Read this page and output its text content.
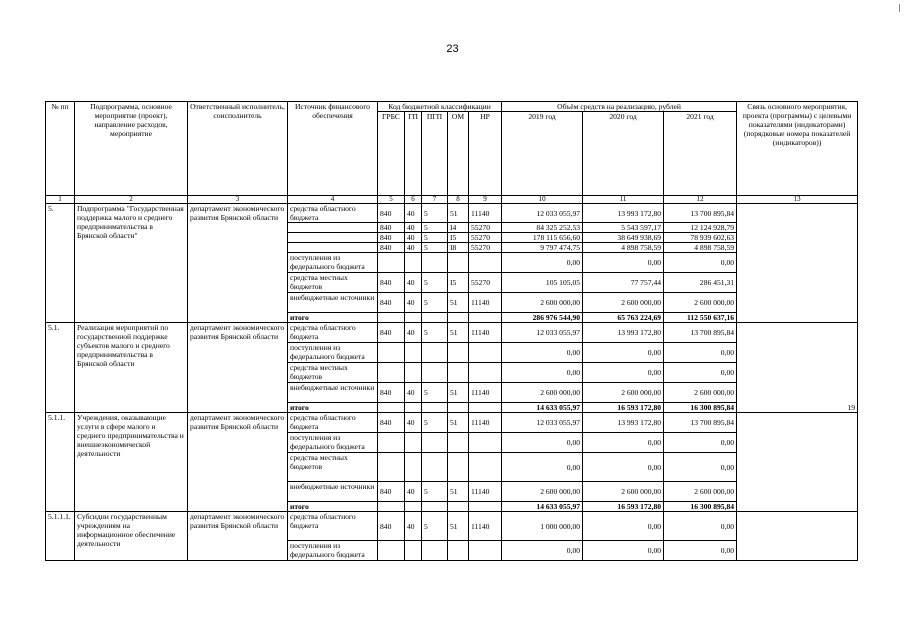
23
№ пп	Подпрограмма, основное мероприятие (проект), направление расходов, мероприятие	Ответственный исполнитель, соисполнитель	Источник финансового обеспечения	Код бюджетной классификации					Объём средств на реализацию, рублей			Связь основного мероприятия, проекта (программы) с целевыми показателями (индикаторами) (порядковые номера показателей (индикаторов))
				ГРБС	ГП	ПГП	ОМ	НР	2019 год	2020 год	2021 год	
1	2	3	4	5	6	7	8	9	10	11	12	13
5.	Подпрограмма "Государственная поддержка малого и среднего предпринимательства в Брянской области"	департамент экономического развития Брянской области	средства областного бюджета	840	40	5	51	11140	12 033 055,97	13 993 172,80	13 700 895,84	
				840	40	5	I4	55270	84 325 252,53	5 543 597,17	12 124 928,79	
				840	40	5	I5	55270	178 115 656,60	38 649 938,69	78 939 602,63	
				840	40	5	I8	55270	9 797 474,75	4 898 758,59	4 898 758,59	
			поступления из федерального бюджета						0,00	0,00	0,00	
			средства местных бюджетов	840	40	5	I5	55270	105 105,05	77 757,44	286 451,31	
			внебюджетные источники	840	40	5	51	11140	2 600 000,00	2 600 000,00	2 600 000,00	
			итого						286 976 544,90	65 763 224,69	112 550 637,16	
5.1.	Реализация мероприятий по государственной поддержке субъектов малого и среднего предпринимательства в Брянской области	департамент экономического развития Брянской области	средства областного бюджета	840	40	5	51	11140	12 033 055,97	13 993 172,80	13 700 895,84	19
			поступления из федерального бюджета						0,00	0,00	0,00	
			средства местных бюджетов						0,00	0,00	0,00	
			внебюджетные источники	840	40	5	51	11140	2 600 000,00	2 600 000,00	2 600 000,00	
			итого						14 633 055,97	16 593 172,80	16 300 895,84	
5.1.1.	Учреждения, оказывающие услуги в сфере малого и среднего предпринимательства и внешнеэкономической деятельности	департамент экономического развития Брянской области	средства областного бюджета	840	40	5	51	11140	12 033 055,97	13 993 172,80	13 700 895,84	
			поступления из федерального бюджета						0,00	0,00	0,00	
			средства местных бюджетов						0,00	0,00	0,00	
			внебюджетные источники	840	40	5	51	11140	2 600 000,00	2 600 000,00	2 600 000,00	
			итого						14 633 055,97	16 593 172,80	16 300 895,84	
5.1.1.1.	Субсидии государственным учреждениям на информационное обеспечение деятельности	департамент экономического развития Брянской области	средства областного бюджета	840	40	5	51	11140	1 000 000,00	0,00	0,00	
			поступления из федерального бюджета						0,00	0,00	0,00	
